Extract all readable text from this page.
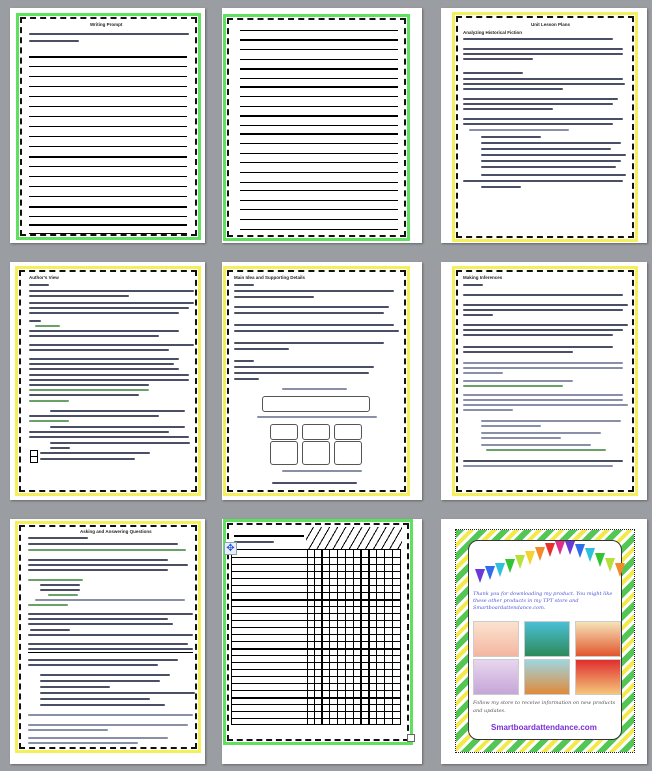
Writing Prompt	Unit Lesson Plans
Analyzing Historical Fiction
Author's View	Main Idea and Supporting Details	Making Inferences
Asking and Answering Questions
✥
Thank you for downloading my product. You might like these other products in my TPT store and Smartboardattendance.com.
Follow my store to receive information on new products and updates.
Smartboardattendance.com
